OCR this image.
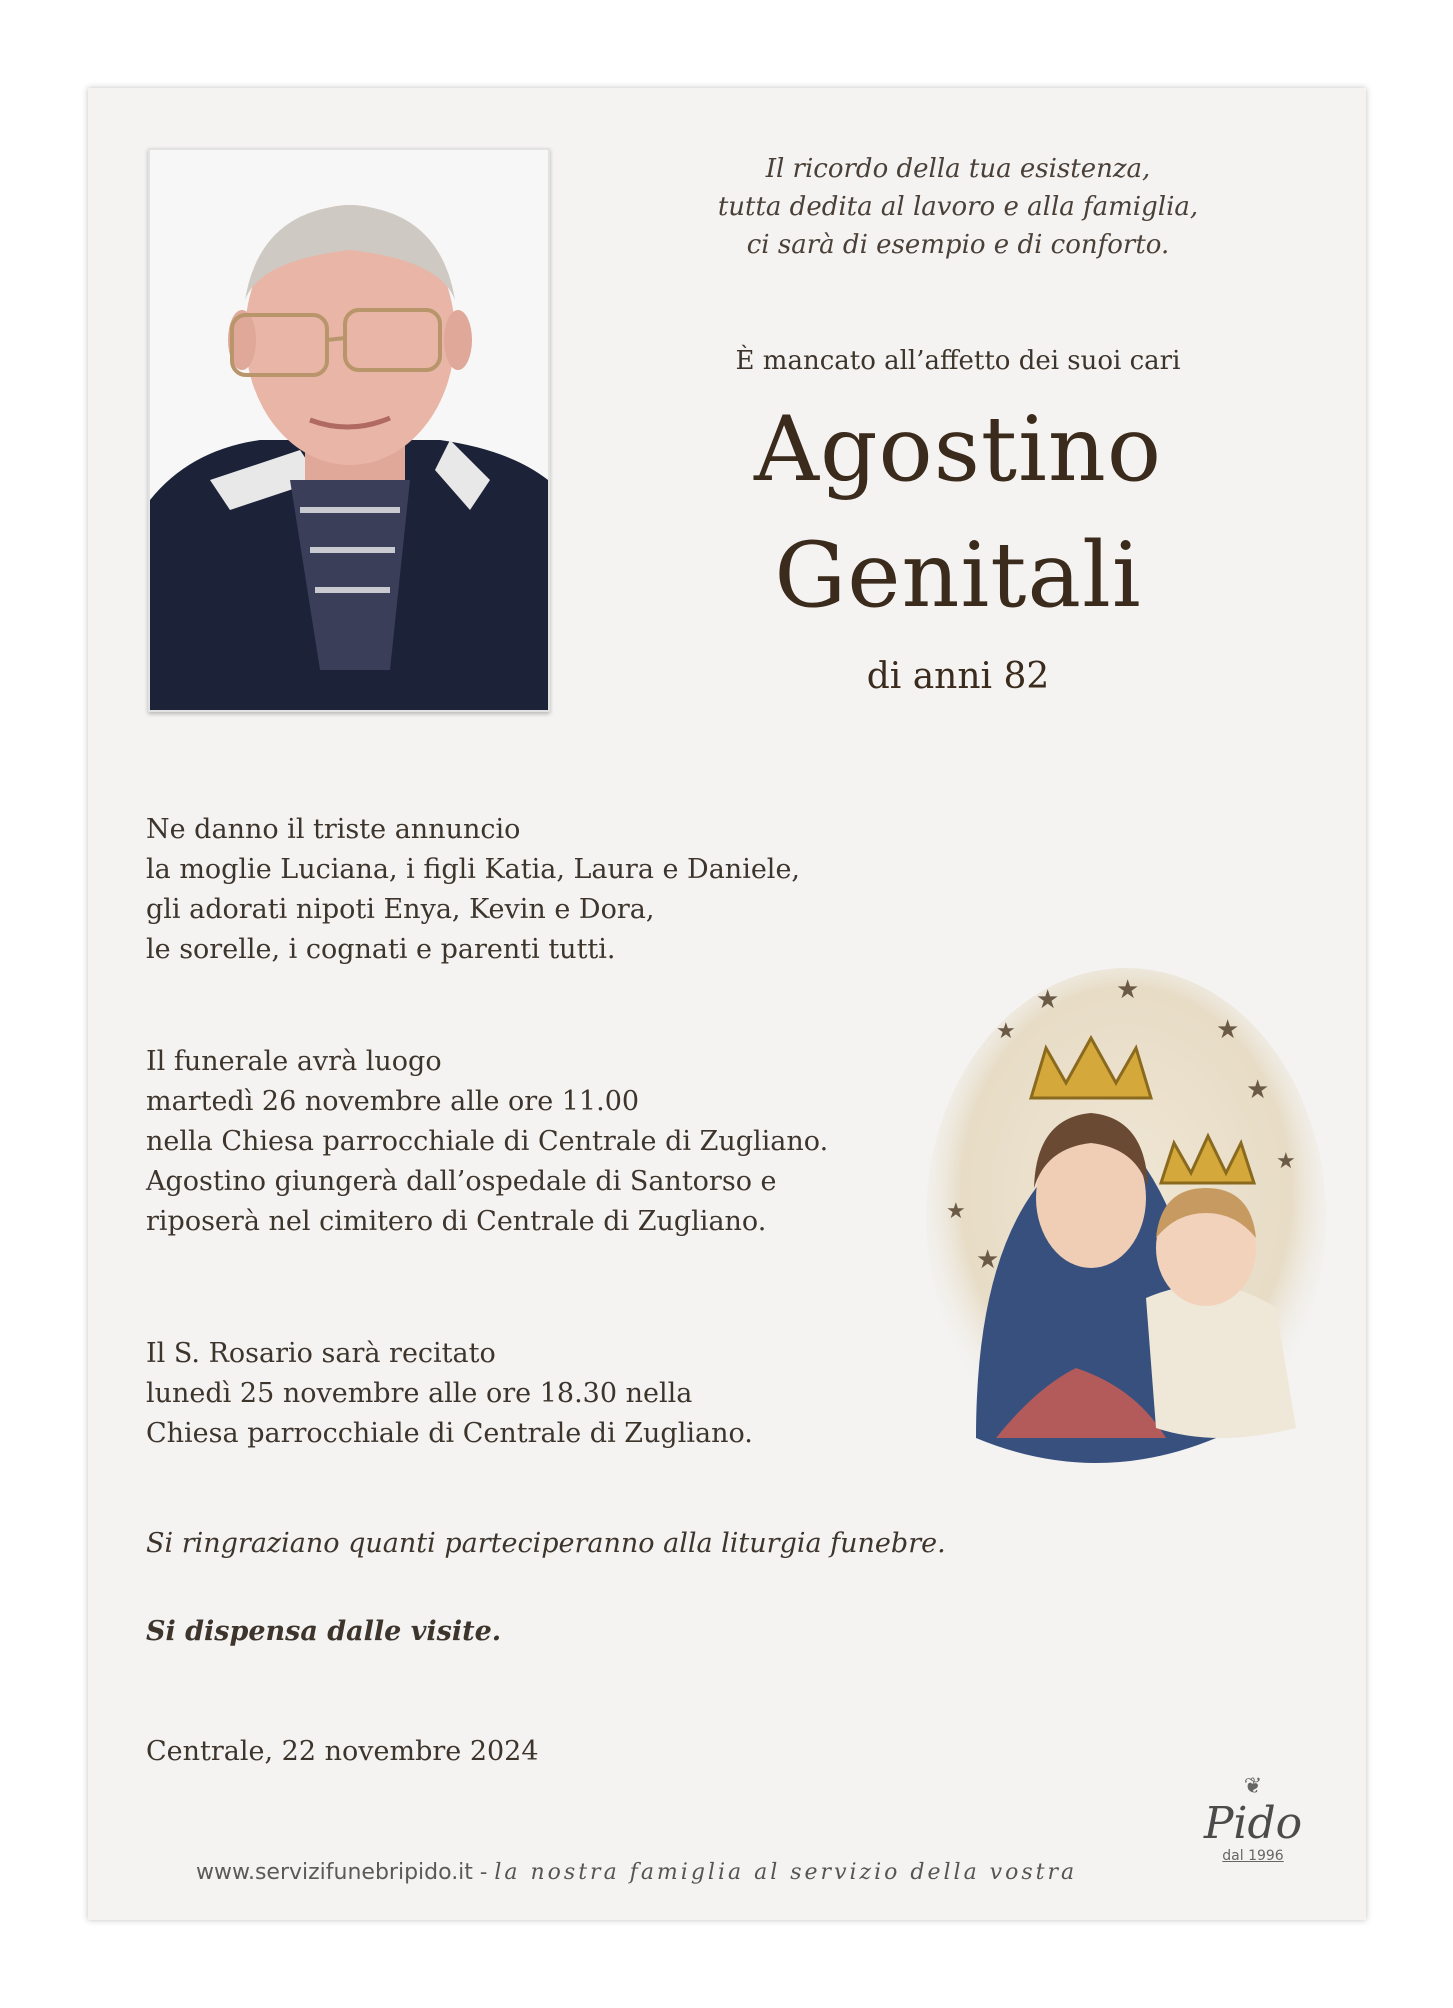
Il ricordo della tua esistenza,
tutta dedita al lavoro e alla famiglia,
ci sarà di esempio e di conforto.
È mancato all’affetto dei suoi cari
Agostino
Genitali
di anni 82
Ne danno il triste annuncio
la moglie Luciana, i figli Katia, Laura e Daniele,
gli adorati nipoti Enya, Kevin e Dora,
le sorelle, i cognati e parenti tutti.
Il funerale avrà luogo
martedì 26 novembre alle ore 11.00
nella Chiesa parrocchiale di Centrale di Zugliano.
Agostino giungerà dall’ospedale di Santorso e
riposerà nel cimitero di Centrale di Zugliano.
Il S. Rosario sarà recitato
lunedì 25 novembre alle ore 18.30 nella
Chiesa parrocchiale di Centrale di Zugliano.
Si ringraziano quanti parteciperanno alla liturgia funebre.
Si dispensa dalle visite.
Centrale, 22 novembre 2024
★ ★
★
★
★
★
★
★
www.servizifunebripido.it - la nostra famiglia al servizio della vostra
❦
Pido
dal 1996
